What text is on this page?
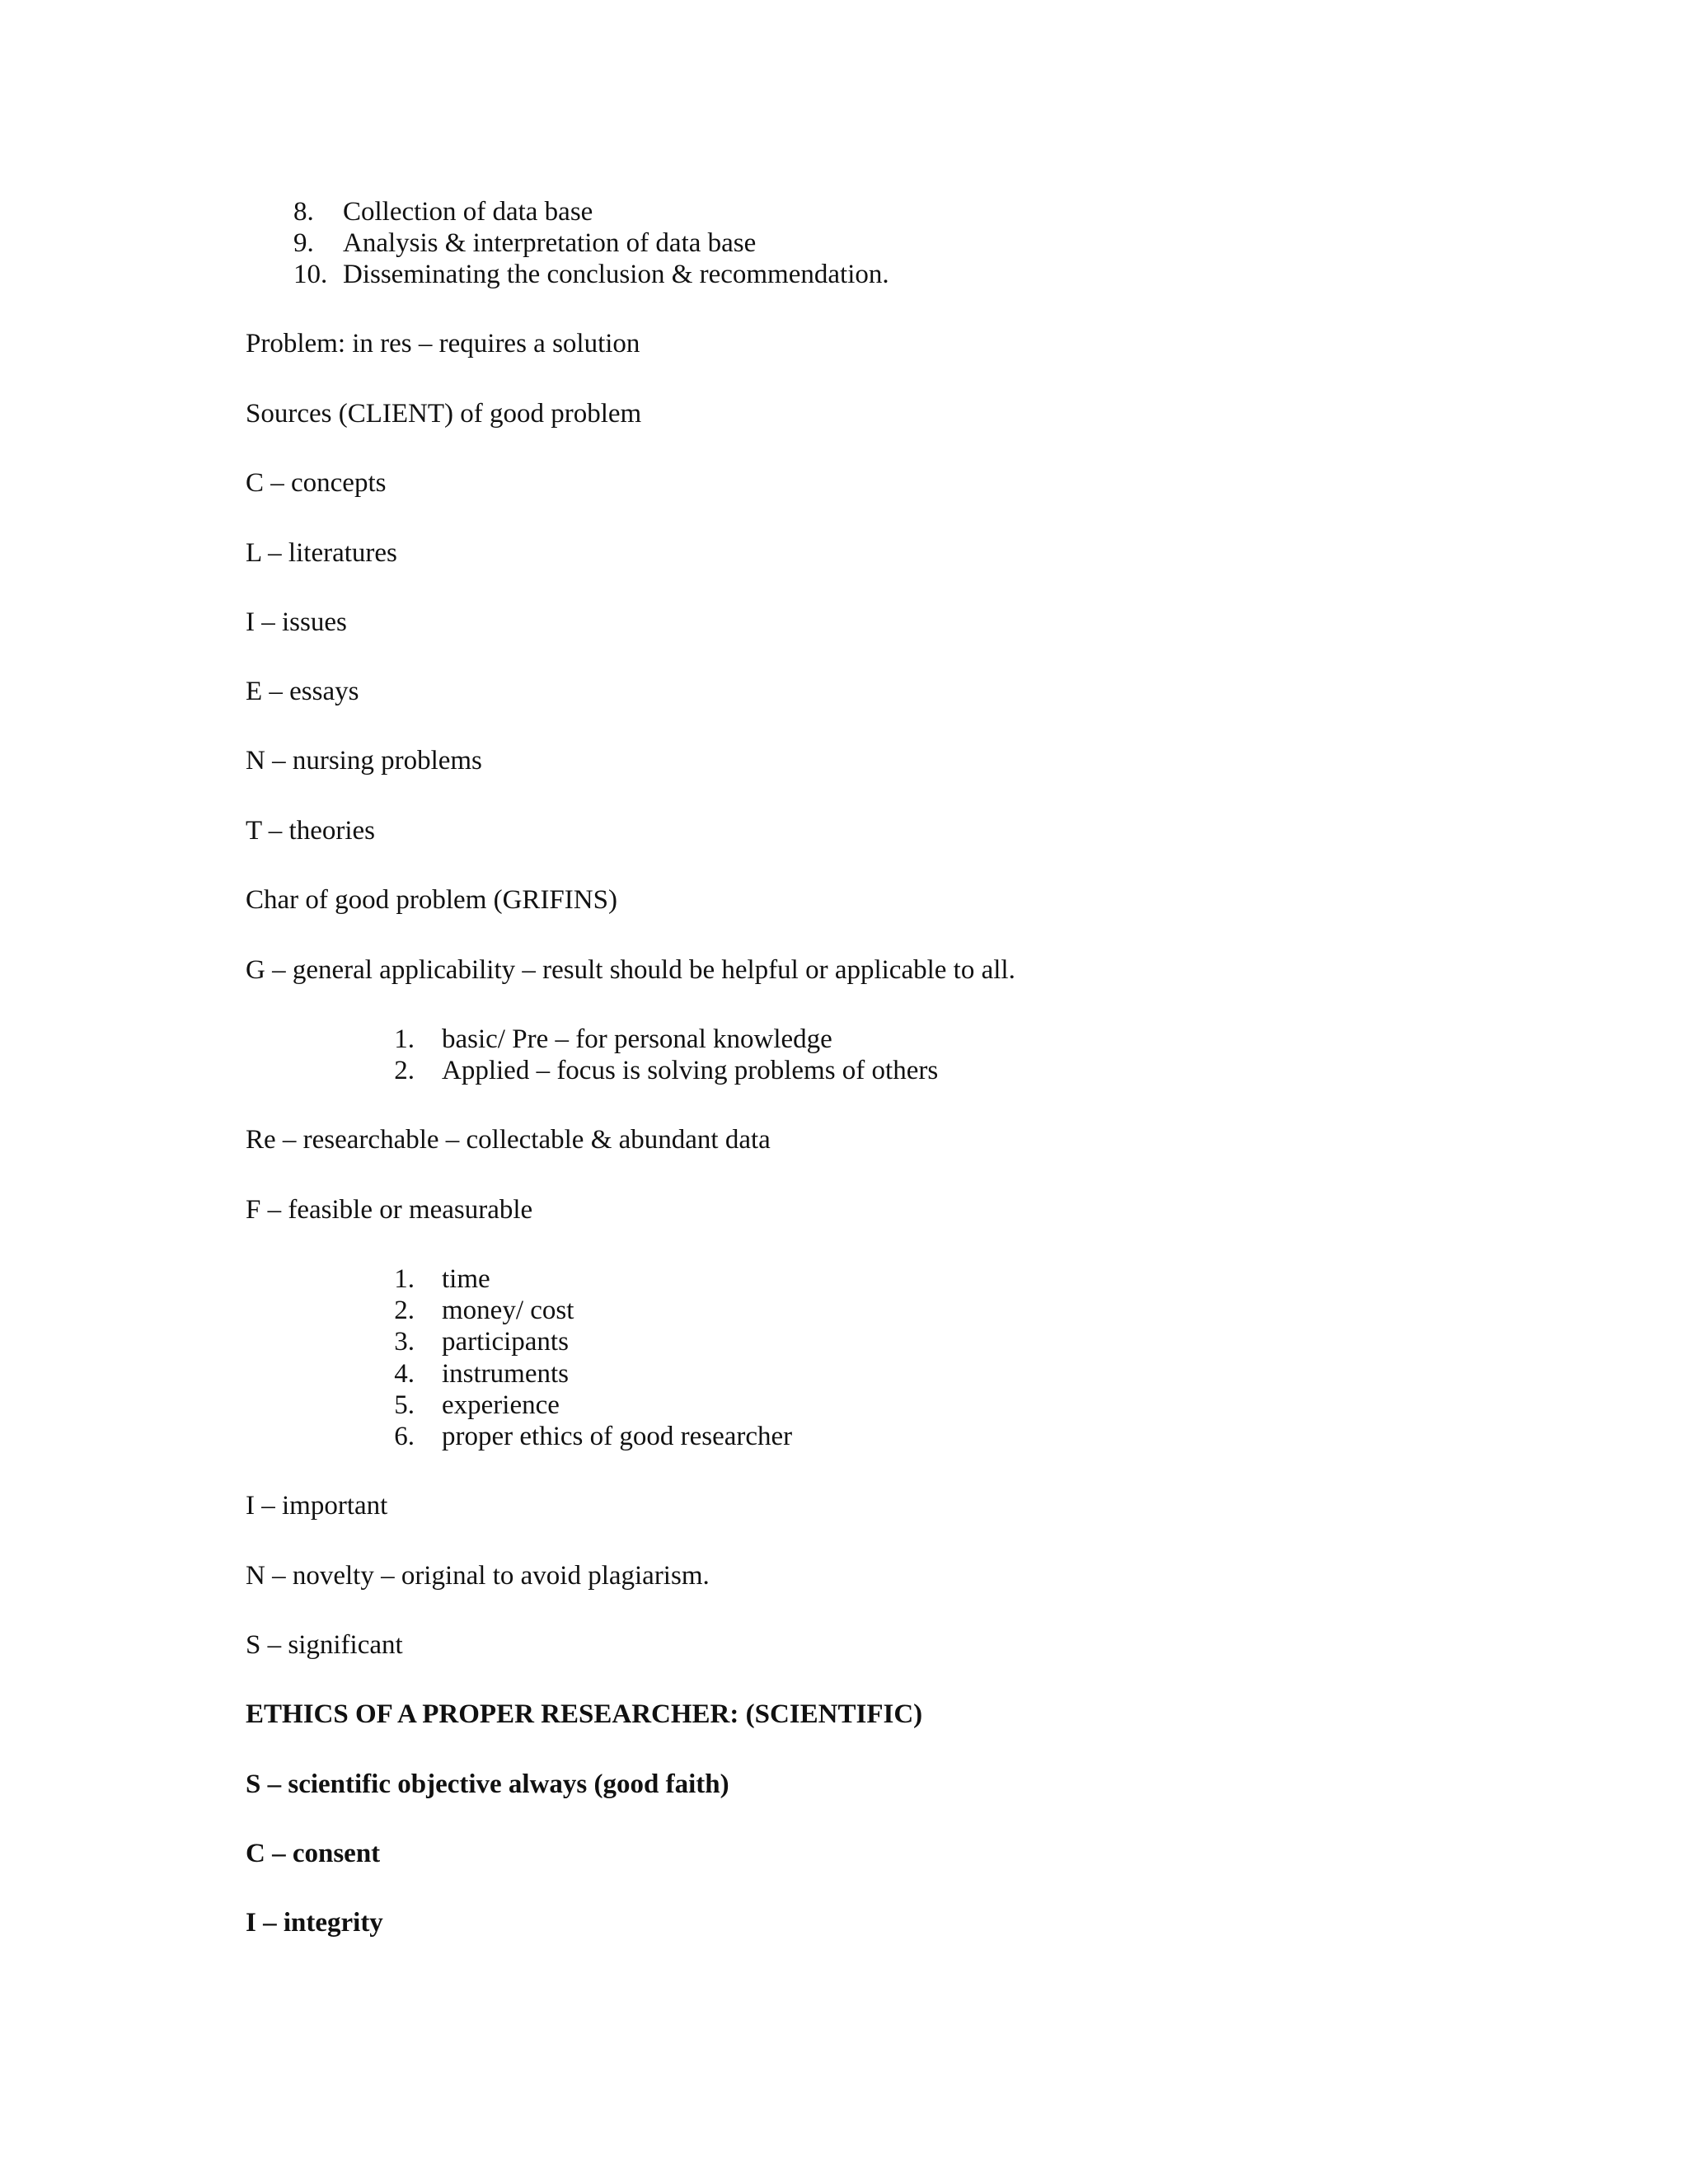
8. Collection of data base
9. Analysis & interpretation of data base
10. Disseminating the conclusion & recommendation.
Problem: in res – requires a solution
Sources (CLIENT) of good problem
C – concepts
L – literatures
I – issues
E – essays
N – nursing problems
T – theories
Char of good problem (GRIFINS)
G – general applicability – result should be helpful or applicable to all.
1. basic/ Pre – for personal knowledge
2. Applied – focus is solving problems of others
Re – researchable – collectable & abundant data
F – feasible or measurable
1. time
2. money/ cost
3. participants
4. instruments
5. experience
6. proper ethics of good researcher
I – important
N – novelty – original to avoid plagiarism.
S – significant
ETHICS OF A PROPER RESEARCHER: (SCIENTIFIC)
S – scientific objective always (good faith)
C – consent
I – integrity
